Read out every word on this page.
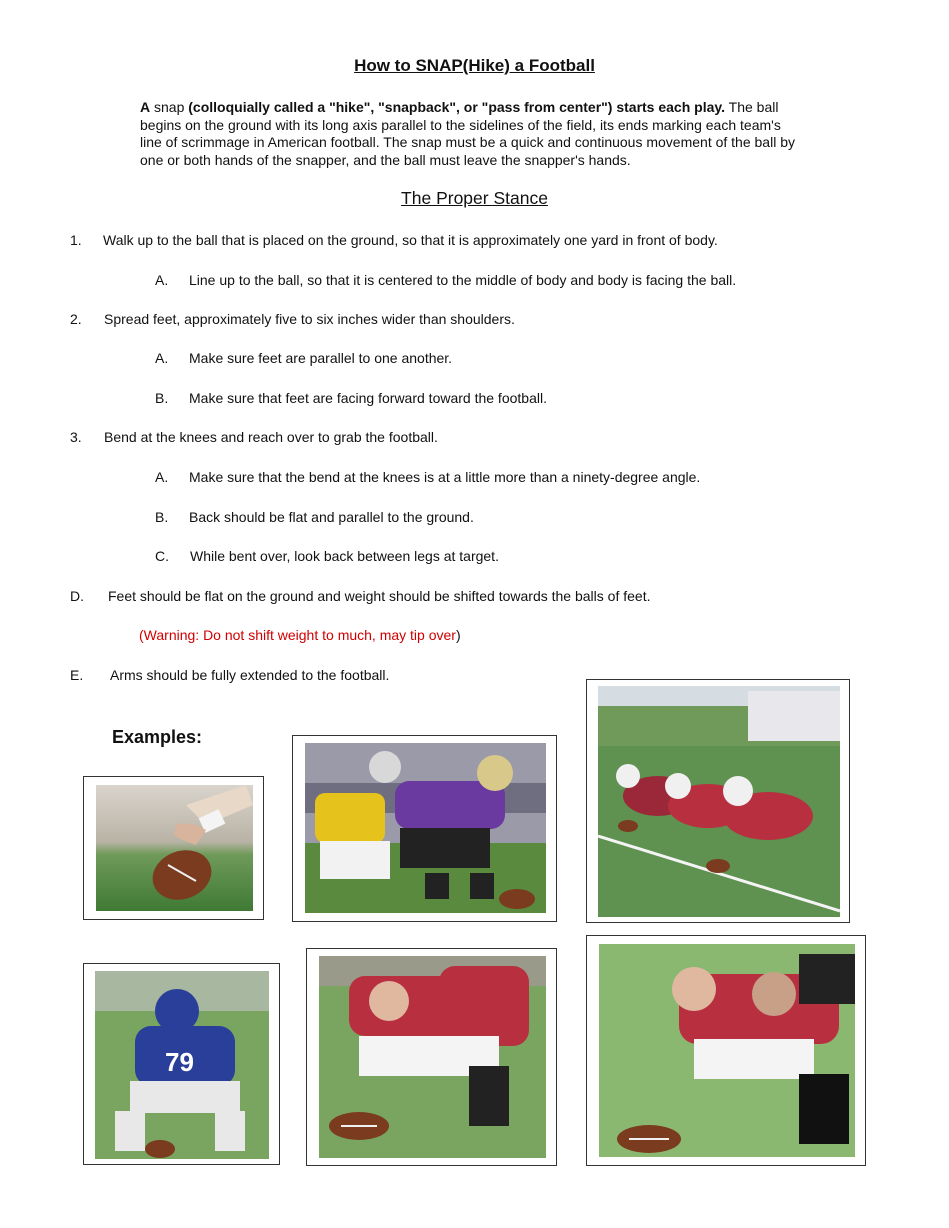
How to SNAP(Hike) a Football
A snap (colloquially called a "hike", "snapback", or "pass from center") starts each play. The ball begins on the ground with its long axis parallel to the sidelines of the field, its ends marking each team's line of scrimmage in American football. The snap must be a quick and continuous movement of the ball by one or both hands of the snapper, and the ball must leave the snapper's hands.
The Proper Stance
1. Walk up to the ball that is placed on the ground, so that it is approximately one yard in front of body.
A. Line up to the ball, so that it is centered to the middle of body and body is facing the ball.
2. Spread feet, approximately five to six inches wider than shoulders.
A. Make sure feet are parallel to one another.
B. Make sure that feet are facing forward toward the football.
3. Bend at the knees and reach over to grab the football.
A. Make sure that the bend at the knees is at a little more than a ninety-degree angle.
B. Back should be flat and parallel to the ground.
C. While bent over, look back between legs at target.
D. Feet should be flat on the ground and weight should be shifted towards the balls of feet.
(Warning: Do not shift weight to much, may tip over)
E. Arms should be fully extended to the football.
Examples:
79
